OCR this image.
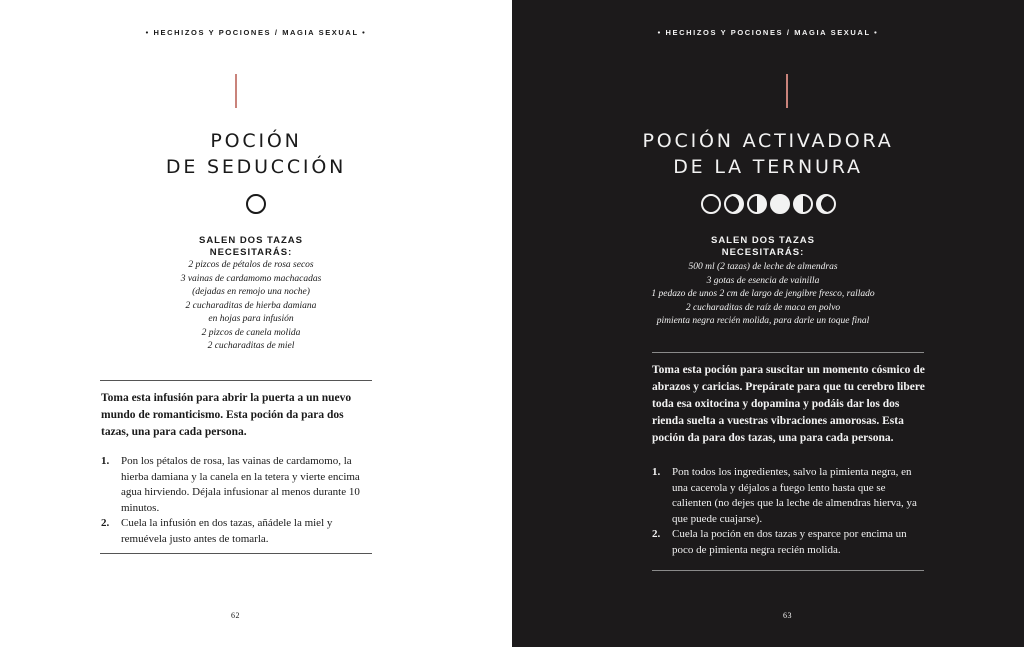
• HECHIZOS Y POCIONES / MAGIA SEXUAL •
POCIÓN
DE SEDUCCIÓN
SALEN DOS TAZAS
NECESITARÁS:
2 pizcos de pétalos de rosa secos
3 vainas de cardamomo machacadas
(dejadas en remojo una noche)
2 cucharaditas de hierba damiana
en hojas para infusión
2 pizcos de canela molida
2 cucharaditas de miel
Toma esta infusión para abrir la puerta a un nuevo mundo de romanticismo. Esta poción da para dos tazas, una para cada persona.
1. Pon los pétalos de rosa, las vainas de cardamomo, la hierba damiana y la canela en la tetera y vierte encima agua hirviendo. Déjala infusionar al menos durante 10 minutos.
2. Cuela la infusión en dos tazas, añádele la miel y remuévela justo antes de tomarla.
62
• HECHIZOS Y POCIONES / MAGIA SEXUAL •
POCIÓN ACTIVADORA
DE LA TERNURA
SALEN DOS TAZAS
NECESITARÁS:
500 ml (2 tazas) de leche de almendras
3 gotas de esencia de vainilla
1 pedazo de unos 2 cm de largo de jengibre fresco, rallado
2 cucharaditas de raíz de maca en polvo
pimienta negra recién molida, para darle un toque final
Toma esta poción para suscitar un momento cósmico de abrazos y caricias. Prepárate para que tu cerebro libere toda esa oxitocina y dopamina y podáis dar los dos rienda suelta a vuestras vibraciones amorosas. Esta poción da para dos tazas, una para cada persona.
1. Pon todos los ingredientes, salvo la pimienta negra, en una cacerola y déjalos a fuego lento hasta que se calienten (no dejes que la leche de almendras hierva, ya que puede cuajarse).
2. Cuela la poción en dos tazas y esparce por encima un poco de pimienta negra recién molida.
63
